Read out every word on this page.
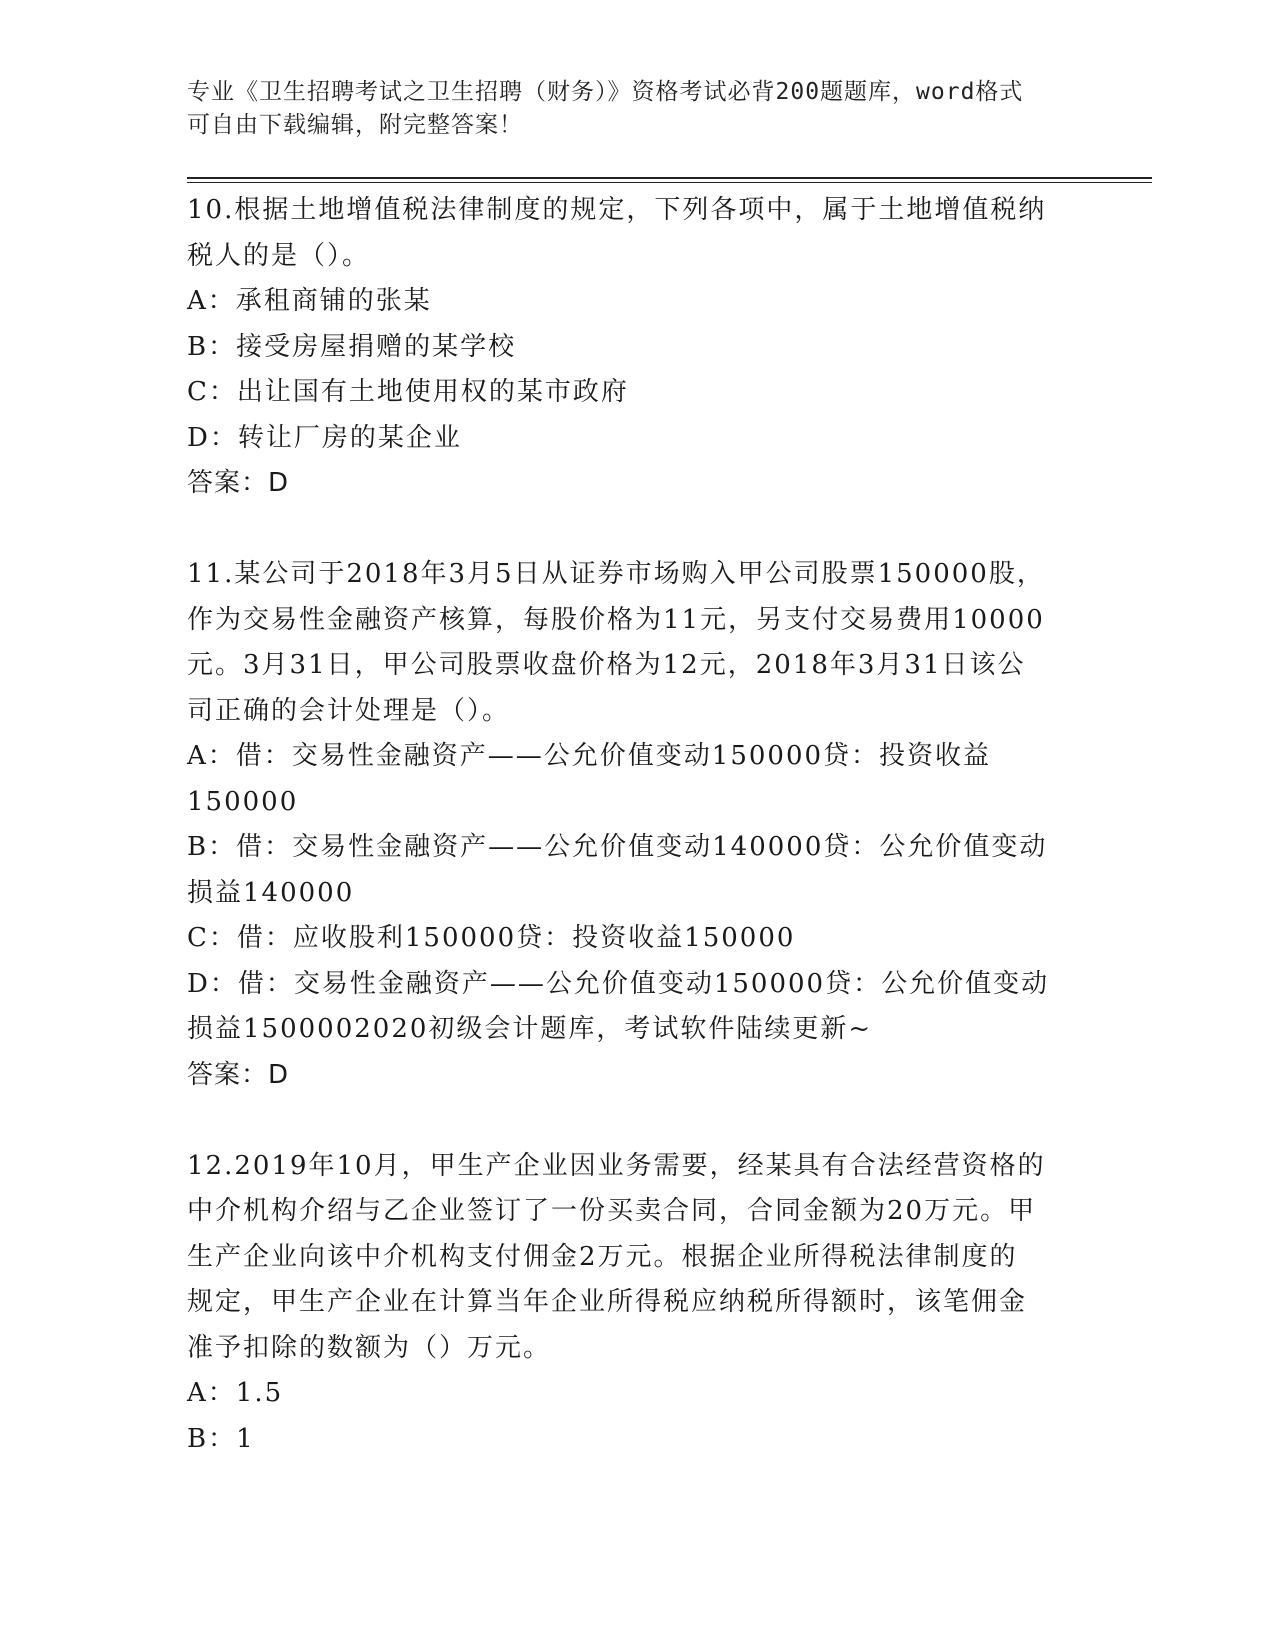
专业《卫生招聘考试之卫生招聘（财务）》资格考试必背200题题库，word格式
可自由下载编辑，附完整答案！
10.根据土地增值税法律制度的规定，下列各项中，属于土地增值税纳
税人的是（）。
A：承租商铺的张某
B：接受房屋捐赠的某学校
C：出让国有土地使用权的某市政府
D：转让厂房的某企业
答案：D
11.某公司于2018年3月5日从证券市场购入甲公司股票150000股，
作为交易性金融资产核算，每股价格为11元，另支付交易费用10000
元。3月31日，甲公司股票收盘价格为12元，2018年3月31日该公
司正确的会计处理是（）。
A：借：交易性金融资产——公允价值变动150000贷：投资收益
150000
B：借：交易性金融资产——公允价值变动140000贷：公允价值变动
损益140000
C：借：应收股利150000贷：投资收益150000
D：借：交易性金融资产——公允价值变动150000贷：公允价值变动
损益1500002020初级会计题库，考试软件陆续更新~
答案：D
12.2019年10月，甲生产企业因业务需要，经某具有合法经营资格的
中介机构介绍与乙企业签订了一份买卖合同，合同金额为20万元。甲
生产企业向该中介机构支付佣金2万元。根据企业所得税法律制度的
规定，甲生产企业在计算当年企业所得税应纳税所得额时，该笔佣金
准予扣除的数额为（）万元。
A：1.5
B：1
